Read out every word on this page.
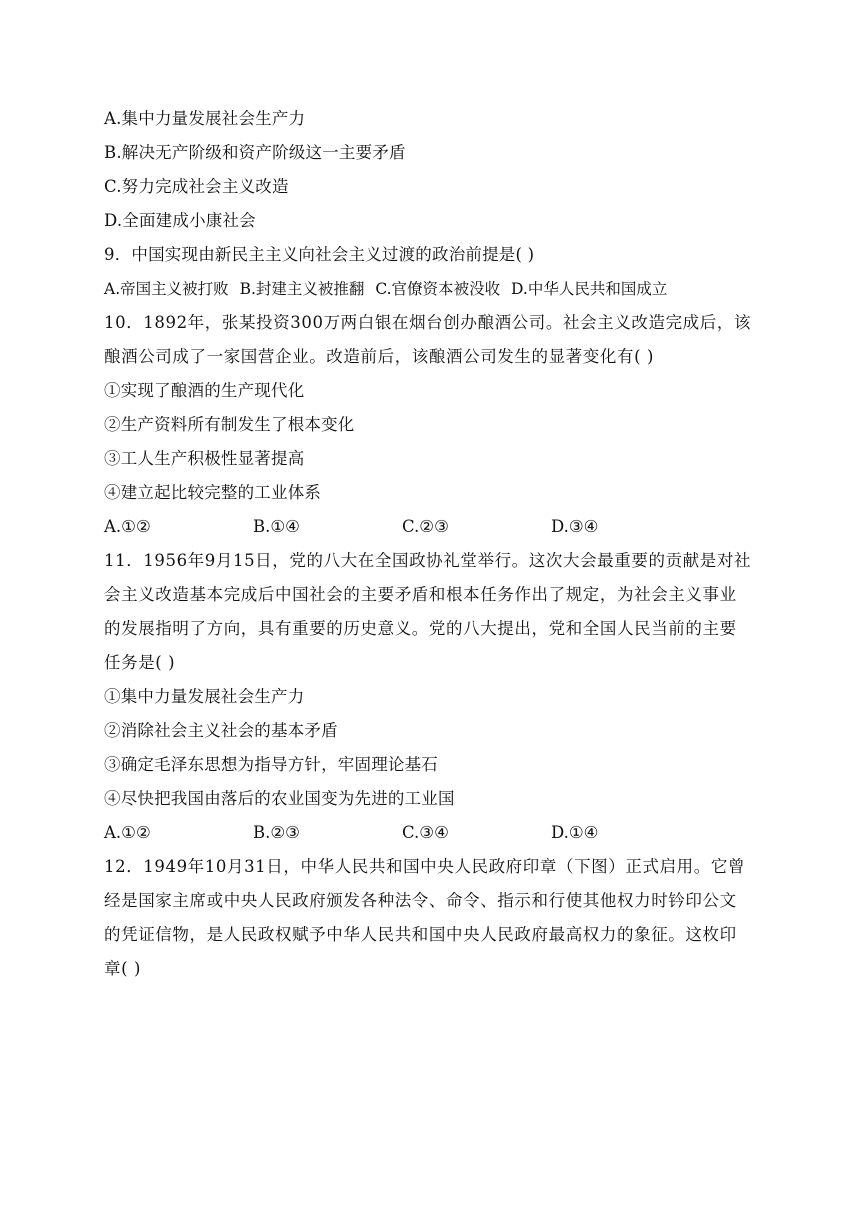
A.集中力量发展社会生产力
B.解决无产阶级和资产阶级这一主要矛盾
C.努力完成社会主义改造
D.全面建成小康社会
9．中国实现由新民主主义向社会主义过渡的政治前提是( )
A.帝国主义被打败 B.封建主义被推翻 C.官僚资本被没收 D.中华人民共和国成立
10．1892年，张某投资300万两白银在烟台创办酿酒公司。社会主义改造完成后，该
酿酒公司成了一家国营企业。改造前后，该酿酒公司发生的显著变化有( )
①实现了酿酒的生产现代化
②生产资料所有制发生了根本变化
③工人生产积极性显著提高
④建立起比较完整的工业体系
A.①②	B.①④	C.②③	D.③④
11．1956年9月15日，党的八大在全国政协礼堂举行。这次大会最重要的贡献是对社
会主义改造基本完成后中国社会的主要矛盾和根本任务作出了规定，为社会主义事业
的发展指明了方向，具有重要的历史意义。党的八大提出，党和全国人民当前的主要
任务是( )
①集中力量发展社会生产力
②消除社会主义社会的基本矛盾
③确定毛泽东思想为指导方针，牢固理论基石
④尽快把我国由落后的农业国变为先进的工业国
A.①②	B.②③	C.③④	D.①④
12．1949年10月31日，中华人民共和国中央人民政府印章（下图）正式启用。它曾
经是国家主席或中央人民政府颁发各种法令、命令、指示和行使其他权力时钤印公文
的凭证信物，是人民政权赋予中华人民共和国中央人民政府最高权力的象征。这枚印
章( )
